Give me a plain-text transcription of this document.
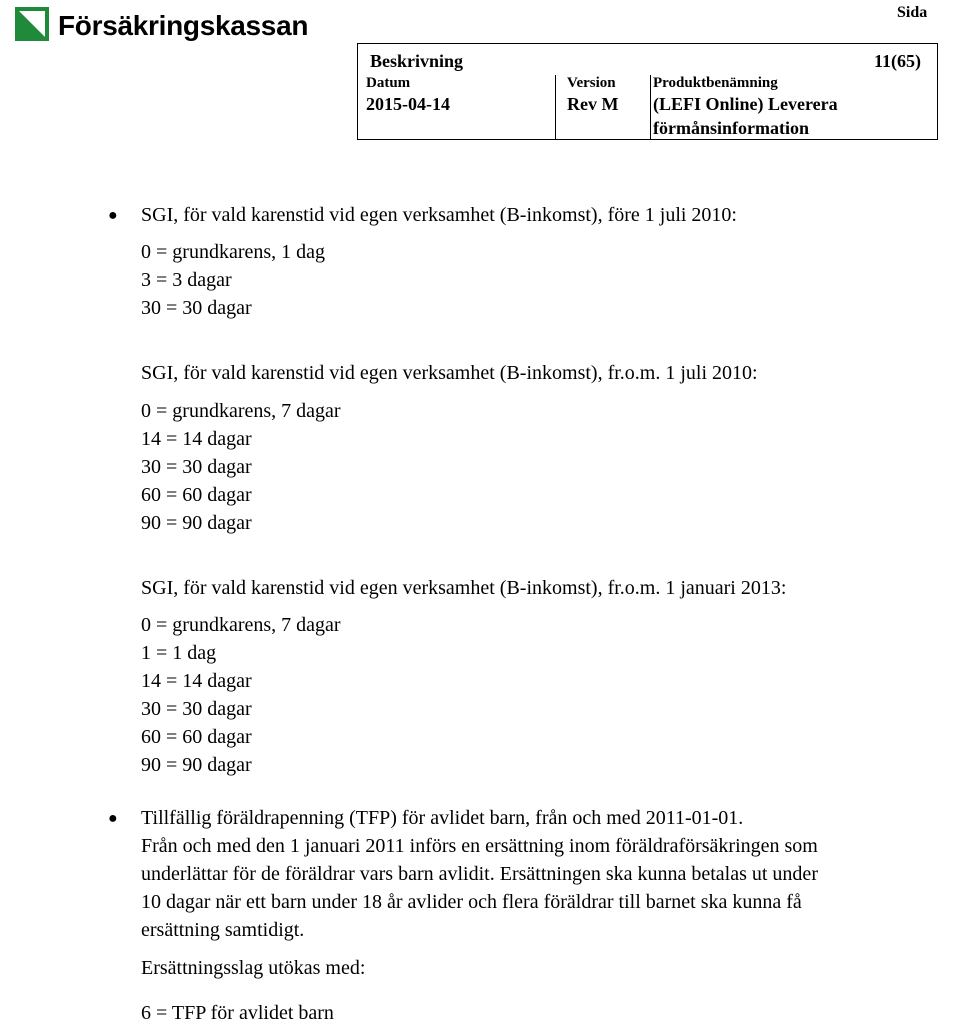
Försäkringskassan	Sida
Beskrivning	11(65)
Datum
2015-04-14
Version
Rev M
Produktbenämning
(LEFI Online) Leverera
förmånsinformation
● SGI, för vald karenstid vid egen verksamhet (B-inkomst), före 1 juli 2010:
0 = grundkarens, 1 dag
3 = 3 dagar
30 = 30 dagar
SGI, för vald karenstid vid egen verksamhet (B-inkomst), fr.o.m. 1 juli 2010:
0 = grundkarens, 7 dagar
14 = 14 dagar
30 = 30 dagar
60 = 60 dagar
90 = 90 dagar
SGI, för vald karenstid vid egen verksamhet (B-inkomst), fr.o.m. 1 januari 2013:
0 = grundkarens, 7 dagar
1 = 1 dag
14 = 14 dagar
30 = 30 dagar
60 = 60 dagar
90 = 90 dagar
● Tillfällig föräldrapenning (TFP) för avlidet barn, från och med 2011-01-01.
Från och med den 1 januari 2011 införs en ersättning inom föräldraförsäkringen som
underlättar för de föräldrar vars barn avlidit. Ersättningen ska kunna betalas ut under
10 dagar när ett barn under 18 år avlider och flera föräldrar till barnet ska kunna få
ersättning samtidigt.
Ersättningsslag utökas med:
6 = TFP för avlidet barn
